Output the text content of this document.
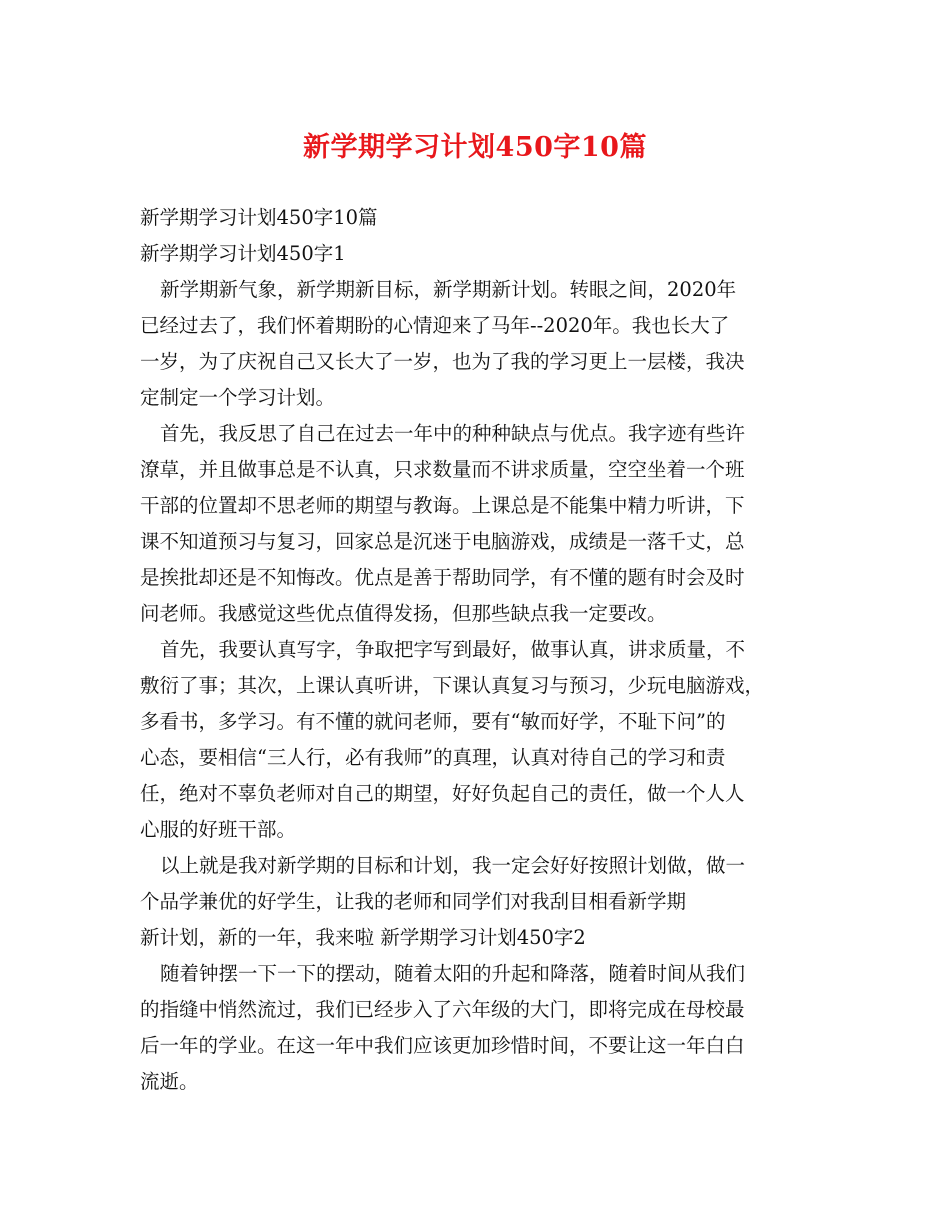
新学期学习计划450字10篇
新学期学习计划450字10篇
新学期学习计划450字1
新学期新气象，新学期新目标，新学期新计划。转眼之间，2020年
已经过去了，我们怀着期盼的心情迎来了马年--2020年。我也长大了
一岁，为了庆祝自己又长大了一岁，也为了我的学习更上一层楼，我决
定制定一个学习计划。
首先，我反思了自己在过去一年中的种种缺点与优点。我字迹有些许
潦草，并且做事总是不认真，只求数量而不讲求质量，空空坐着一个班
干部的位置却不思老师的期望与教诲。上课总是不能集中精力听讲，下
课不知道预习与复习，回家总是沉迷于电脑游戏，成绩是一落千丈，总
是挨批却还是不知悔改。优点是善于帮助同学，有不懂的题有时会及时
问老师。我感觉这些优点值得发扬，但那些缺点我一定要改。
首先，我要认真写字，争取把字写到最好，做事认真，讲求质量，不
敷衍了事；其次，上课认真听讲，下课认真复习与预习，少玩电脑游戏，
多看书，多学习。有不懂的就问老师，要有“敏而好学，不耻下问”的
心态，要相信“三人行，必有我师”的真理，认真对待自己的学习和责
任，绝对不辜负老师对自己的期望，好好负起自己的责任，做一个人人
心服的好班干部。
以上就是我对新学期的目标和计划，我一定会好好按照计划做，做一
个品学兼优的好学生，让我的老师和同学们对我刮目相看新学期
新计划，新的一年，我来啦 新学期学习计划450字2
随着钟摆一下一下的摆动，随着太阳的升起和降落，随着时间从我们
的指缝中悄然流过，我们已经步入了六年级的大门，即将完成在母校最
后一年的学业。在这一年中我们应该更加珍惜时间，不要让这一年白白
流逝。
